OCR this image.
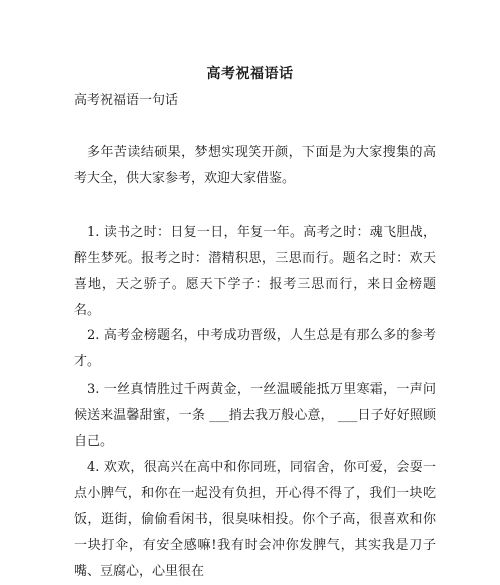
高考祝福语话
高考祝福语一句话

多年苦读结硕果，梦想实现笑开颜，下面是为大家搜集的高考大全，供大家参考，欢迎大家借鉴。

1. 读书之时：日复一日，年复一年。高考之时：魂飞胆战，醉生梦死。报考之时：潜精积思，三思而行。题名之时：欢天喜地，天之骄子。愿天下学子：报考三思而行，来日金榜题名。

2. 高考金榜题名，中考成功晋级，人生总是有那么多的参考才。

3. 一丝真情胜过千两黄金，一丝温暖能抵万里寒霜，一声问候送来温馨甜蜜，一条 ___捎去我万般心意， ___日子好好照顾自己。

4. 欢欢，很高兴在高中和你同班，同宿舍，你可爱，会耍一点小脾气，和你在一起没有负担，开心得不得了，我们一块吃饭，逛街，偷偷看闲书，很臭味相投。你个子高，很喜欢和你一块打伞，有安全感嘛!我有时会冲你发脾气，其实我是刀子嘴、豆腐心，心里很在
